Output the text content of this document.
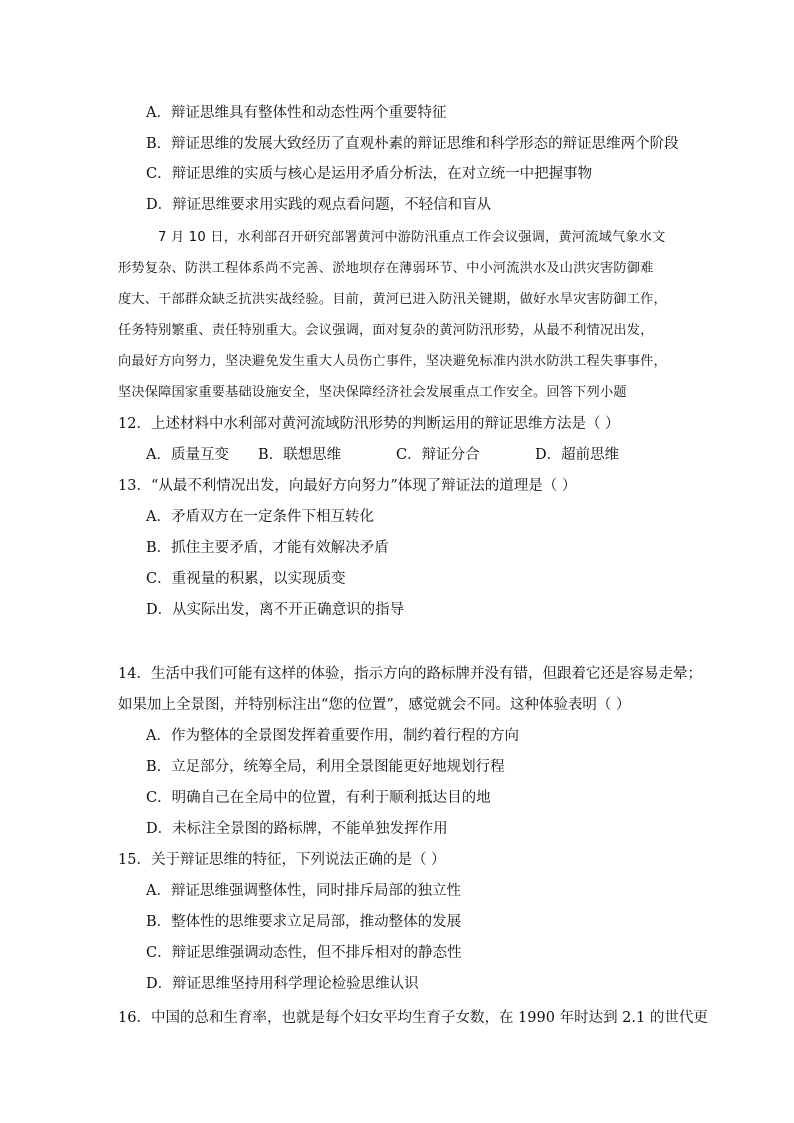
A．辩证思维具有整体性和动态性两个重要特征
B．辩证思维的发展大致经历了直观朴素的辩证思维和科学形态的辩证思维两个阶段
C．辩证思维的实质与核心是运用矛盾分析法，在对立统一中把握事物
D．辩证思维要求用实践的观点看问题，不轻信和盲从
7 月 10 日，水利部召开研究部署黄河中游防汛重点工作会议强调，黄河流域气象水文
形势复杂、防洪工程体系尚不完善、淤地坝存在薄弱环节、中小河流洪水及山洪灾害防御难
度大、干部群众缺乏抗洪实战经验。目前，黄河已进入防汛关键期，做好水旱灾害防御工作，
任务特别繁重、责任特别重大。会议强调，面对复杂的黄河防汛形势，从最不利情况出发，
向最好方向努力，坚决避免发生重大人员伤亡事件，坚决避免标准内洪水防洪工程失事事件，
坚决保障国家重要基础设施安全，坚决保障经济社会发展重点工作安全。回答下列小题
12．上述材料中水利部对黄河流域防汛形势的判断运用的辩证思维方法是（ ）
A．质量互变 B．联想思维	C．辩证分合	D．超前思维
13．“从最不利情况出发，向最好方向努力”体现了辩证法的道理是（ ）
A．矛盾双方在一定条件下相互转化
B．抓住主要矛盾，才能有效解决矛盾
C．重视量的积累，以实现质变
D．从实际出发，离不开正确意识的指导
14．生活中我们可能有这样的体验，指示方向的路标牌并没有错，但跟着它还是容易走晕；
如果加上全景图，并特别标注出“您的位置”，感觉就会不同。这种体验表明（ ）
A．作为整体的全景图发挥着重要作用，制约着行程的方向
B．立足部分，统筹全局，利用全景图能更好地规划行程
C．明确自己在全局中的位置，有利于顺利抵达目的地
D．未标注全景图的路标牌，不能单独发挥作用
15．关于辩证思维的特征，下列说法正确的是（ ）
A．辩证思维强调整体性，同时排斥局部的独立性
B．整体性的思维要求立足局部，推动整体的发展
C．辩证思维强调动态性，但不排斥相对的静态性
D．辩证思维坚持用科学理论检验思维认识
16．中国的总和生育率，也就是每个妇女平均生育子女数，在 1990 年时达到 2.1 的世代更
